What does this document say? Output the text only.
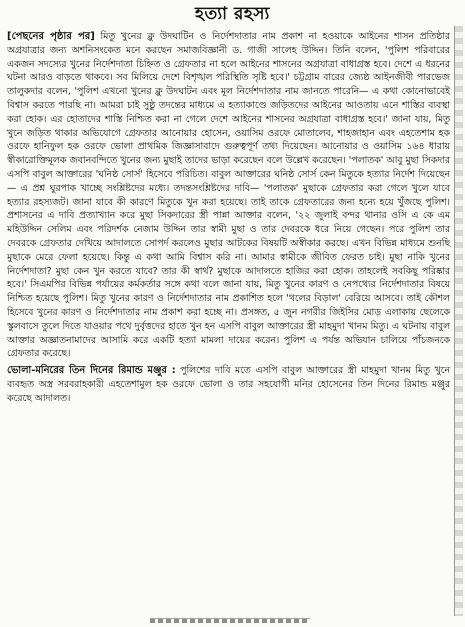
হত্যা রহস্য

[পেছনের পৃষ্ঠার পর] মিতু খুনের ক্লু উদঘাটিন ও নির্দেশদাতার নাম প্রকাশ না হওয়াকে আইনের শাসন প্রতিষ্ঠার অগ্রযাত্রার জন্য অশনিসংকেত মনে করছেন সমাজবিজ্ঞানী ড. গাজী সালেহ উদ্দিন। তিনি বলেন, 'পুলিশ পরিবারের একজন সদস্যের খুনের নির্দেশদাতা চিহ্নিত ও গ্রেফতার না হলে আইনের শাসনের অগ্রযাত্রা বাধাগ্রস্ত হবে। দেশে এ ধরনের ঘটনা আরও বাড়তে থাকবে। সব মিলিয়ে দেশে বিশৃঙ্খল পরিস্থিতি সৃষ্টি হবে।' চট্টগ্রাম বারের জ্যেষ্ঠ আইনজীবী পারভেজ তালুকদার বলেন, 'পুলিশ এখনো খুনের ক্লু উদঘাটন এবং মূল নির্দেশদাতার নাম জানতে পারেনি— এ কথা কোনোভাবেই বিশ্বাস করতে পারছি না। আমরা চাই সুষ্ঠু তদন্তের মাধ্যমে এ হত্যাকাণ্ডে জড়িতদের আইনের আওতায় এনে শাস্তির ব্যবস্থা করা হোক। এর হোতাদের শাস্তি নিশ্চিত করা না গেলে দেশে আইনের শাসনের অগ্রযাত্রা বাধাগ্রস্ত হবে।' জানা যায়, মিতু খুনে জড়িত থাকার অভিযোগে গ্রেফতার আনোয়ার হোসেন, ওয়াসিম ওরফে মোতালেব, শাহজাহান এবং এহতেশাম হক ওরফে হানিফুল হক ওরফে ভোলা প্রাথমিক জিজ্ঞাসাবাদে গুরুত্বপূর্ণ তথ্য দিয়েছেন। আনোয়ার ও ওয়াসিম ১৬৪ ধারায় স্বীকারোক্তিমূলক জবানবন্দিতে খুনের জন্য মুছাই তাদের ভাড়া করেছেন বলে উল্লেখ করেছেন। 'পলাতক' আবু মুছা সিকদার এসপি বাবুল আক্তারের 'ঘনিষ্ঠ সোর্স' হিসেবে পরিচিত। বাবুল আক্তারের ঘনিষ্ঠ সোর্স কেন মিতুকে হত্যার নির্দেশ দিয়েছেন— এ প্রশ্ন ঘুরপাক খাচ্ছে সংশ্লিষ্টদের মধ্যে। তদন্তসংশ্লিষ্টদের দাবি— 'পলাতক' মুছাকে গ্রেফতার করা গেলে খুলে যাবে হত্যার রহস্যজট। জানা যাবে কী কারণে মিতুকে খুন করা হয়েছে। তাই তাকে গ্রেফতারের জন্য হন্যে হয়ে খুঁজছে পুলিশ। প্রশাসনের এ দাবি প্রত্যাখ্যান করে মুছা সিকদারের স্ত্রী পান্না আক্তার বলেন, '২২ জুলাই বন্দর থানার ওসি এ কে এম মহিউদ্দিন সেলিম এবং পরিদর্শক নেজাম উদ্দিন তার স্বামী মুছা ও তার দেবরকে ধরে নিয়ে গেছেন। পরে পুলিশ তার দেবরকে গ্রেফতার দেখিয়ে আদালতে সোপর্দ করলেও মুছার আটকের বিষয়টি অস্বীকার করছে। এখন বিভিন্ন মাধ্যমে শুনছি মুছাকে মেরে ফেলা হয়েছে। কিন্তু এ কথা আমি বিশ্বাস করি না। আমার স্বামীকে জীবিত ফেরত চাই। মুছা নাকি খুনের নির্দেশদাতা? মুছা কেন খুন করতে যাবে? তার কী স্বার্থ? মুছাকে আদালতে হাজির করা হোক। তাহলেই সবকিছু পরিষ্কার হবে।' সিএমপির বিভিন্ন পর্যায়ের কর্মকর্তার সঙ্গে কথা বলে জানা যায়, মিতু খুনের কারণ ও নেপথ্যের নির্দেশদাতার বিষয়ে নিশ্চিত হয়েছে পুলিশ। মিতু খুনের কারণ ও নির্দেশদাতার নাম প্রকাশিত হলে 'থলের বিড়াল' বেরিয়ে আসবে। তাই কৌশল হিসেবে খুনের কারণ ও নির্দেশদাতার নাম প্রকাশ করা হচ্ছে না। প্রসঙ্গত, ৫ জুন নগরীর জিইসির মোড় এলাকায় ছেলেকে স্কুলবাসে তুলে দিতে যাওয়ার পথে দুর্বৃত্তদের হাতে খুন হন এসপি বাবুল আক্তারের স্ত্রী মাহমুদা খানম মিতু। এ ঘটনায় বাবুল আক্তার অজ্ঞাতনামাদের আসামি করে একটি হত্যা মামলা দায়ের করেন। পুলিশ এ পর্যন্ত অভিযান চালিয়ে পাঁচজনকে গ্রেফতার করেছে।

ভোলা-মনিরের তিন দিনের রিমান্ড মঞ্জুর : পুলিশের দাবি মতে এসপি বাবুল আক্তারের স্ত্রী মাহমুদা খানম মিতু খুনে ব্যবহৃত অস্ত্র সরবরাহকারী এহতেশামুল হক ওরফে ভোলা ও তার সহযোগী মনির হোসেনের তিন দিনের রিমান্ড মঞ্জুর করেছে আদালত।
